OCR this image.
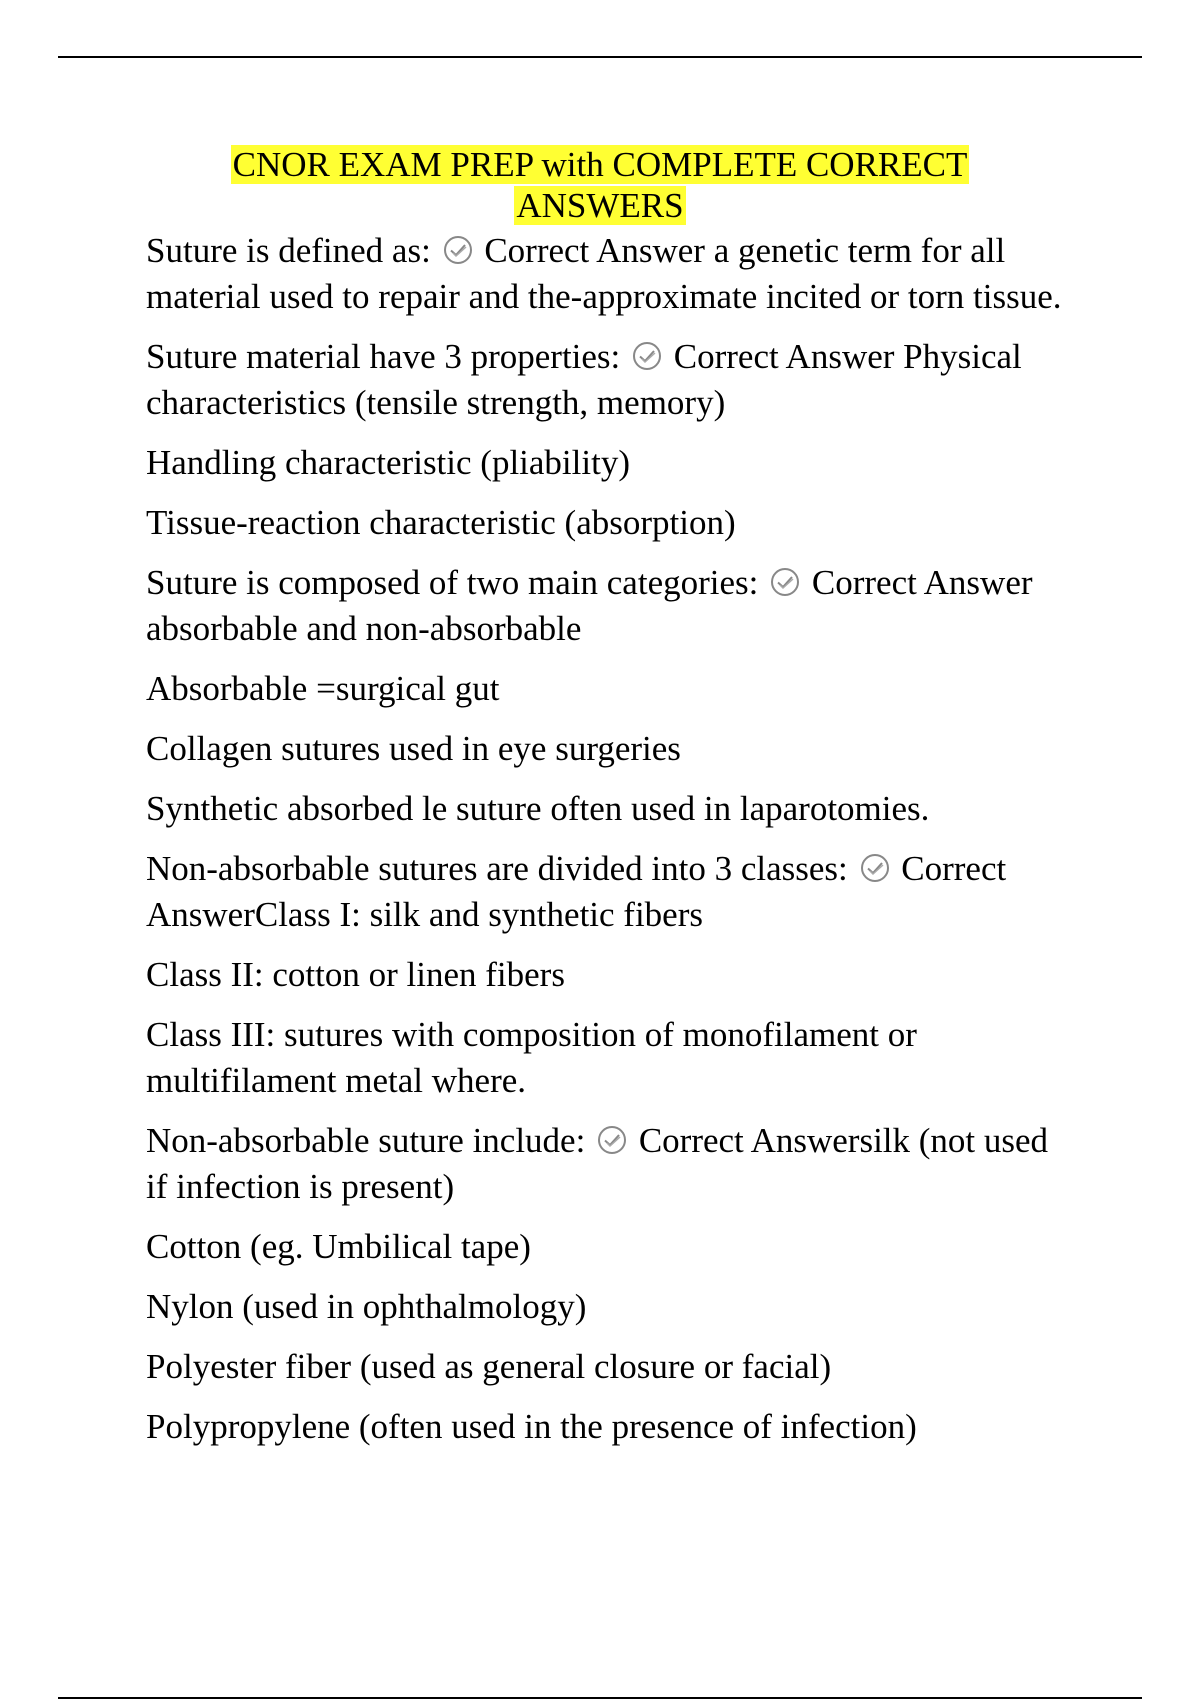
CNOR EXAM PREP with COMPLETE CORRECT
ANSWERS

Suture is defined as: Correct Answer a genetic term for all material used to repair and the-approximate incited or torn tissue.

Suture material have 3 properties: Correct Answer Physical characteristics (tensile strength, memory)

Handling characteristic (pliability)

Tissue-reaction characteristic (absorption)

Suture is composed of two main categories: Correct Answer absorbable and non-absorbable

Absorbable =surgical gut

Collagen sutures used in eye surgeries

Synthetic absorbed le suture often used in laparotomies.

Non-absorbable sutures are divided into 3 classes: Correct AnswerClass I: silk and synthetic fibers

Class II: cotton or linen fibers

Class III: sutures with composition of monofilament or multifilament metal where.

Non-absorbable suture include: Correct Answersilk (not used if infection is present)

Cotton (eg. Umbilical tape)

Nylon (used in ophthalmology)

Polyester fiber (used as general closure or facial)

Polypropylene (often used in the presence of infection)
